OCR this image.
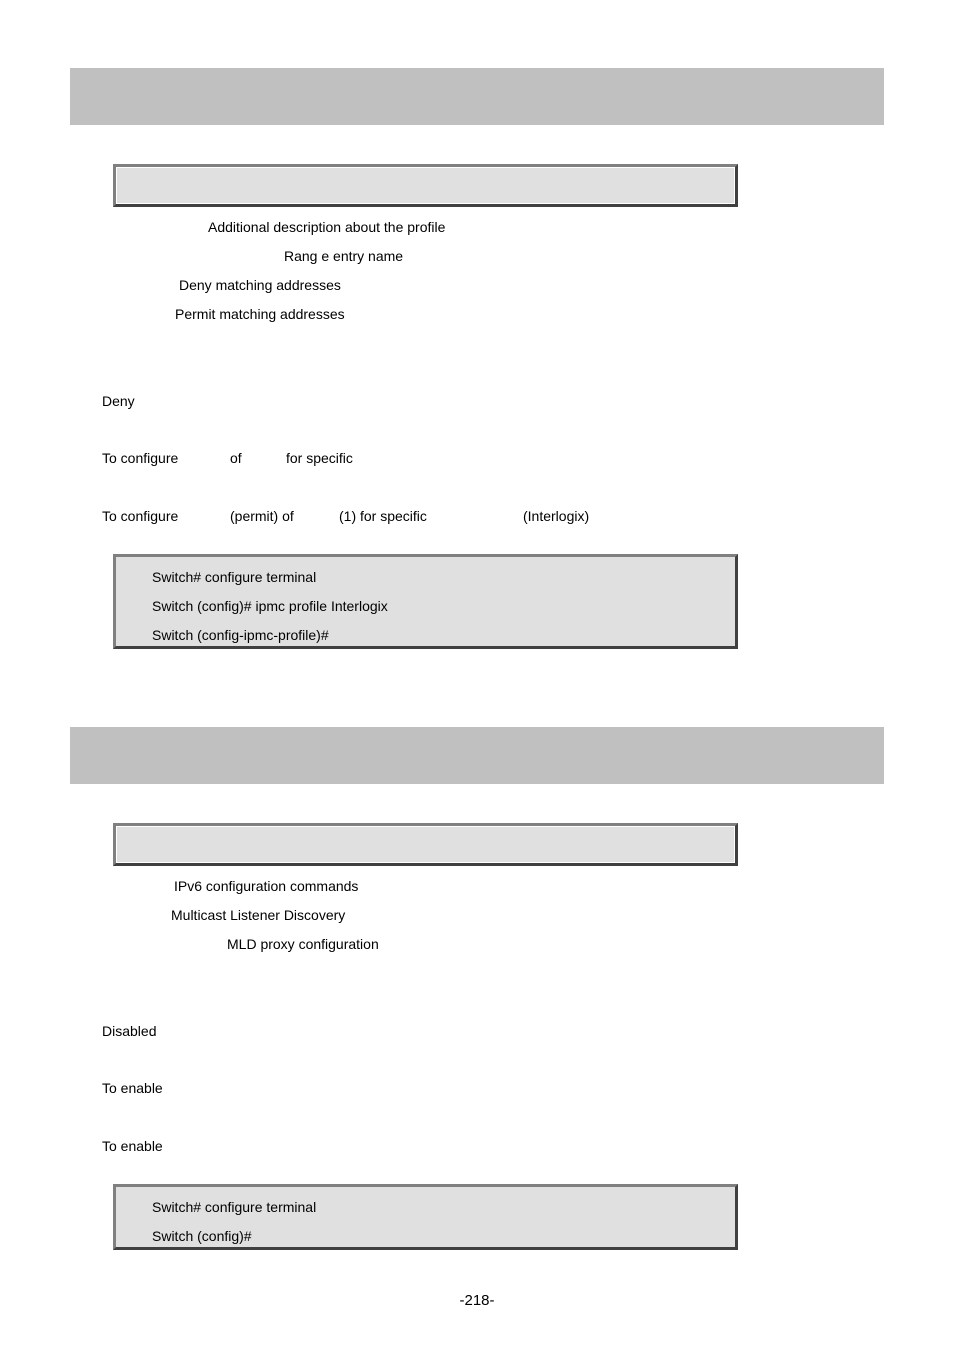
Additional description about the profile
Rang e entry name
Deny matching addresses
Permit matching addresses
Deny
To configure	of	for specific
To configure	(permit) of	(1) for specific	(Interlogix)
Switch# configure terminal
Switch (config)# ipmc profile Interlogix
Switch (config-ipmc-profile)#
IPv6 configuration commands
Multicast Listener Discovery
MLD proxy configuration
Disabled
To enable
To enable
Switch# configure terminal
Switch (config)#
-218-
